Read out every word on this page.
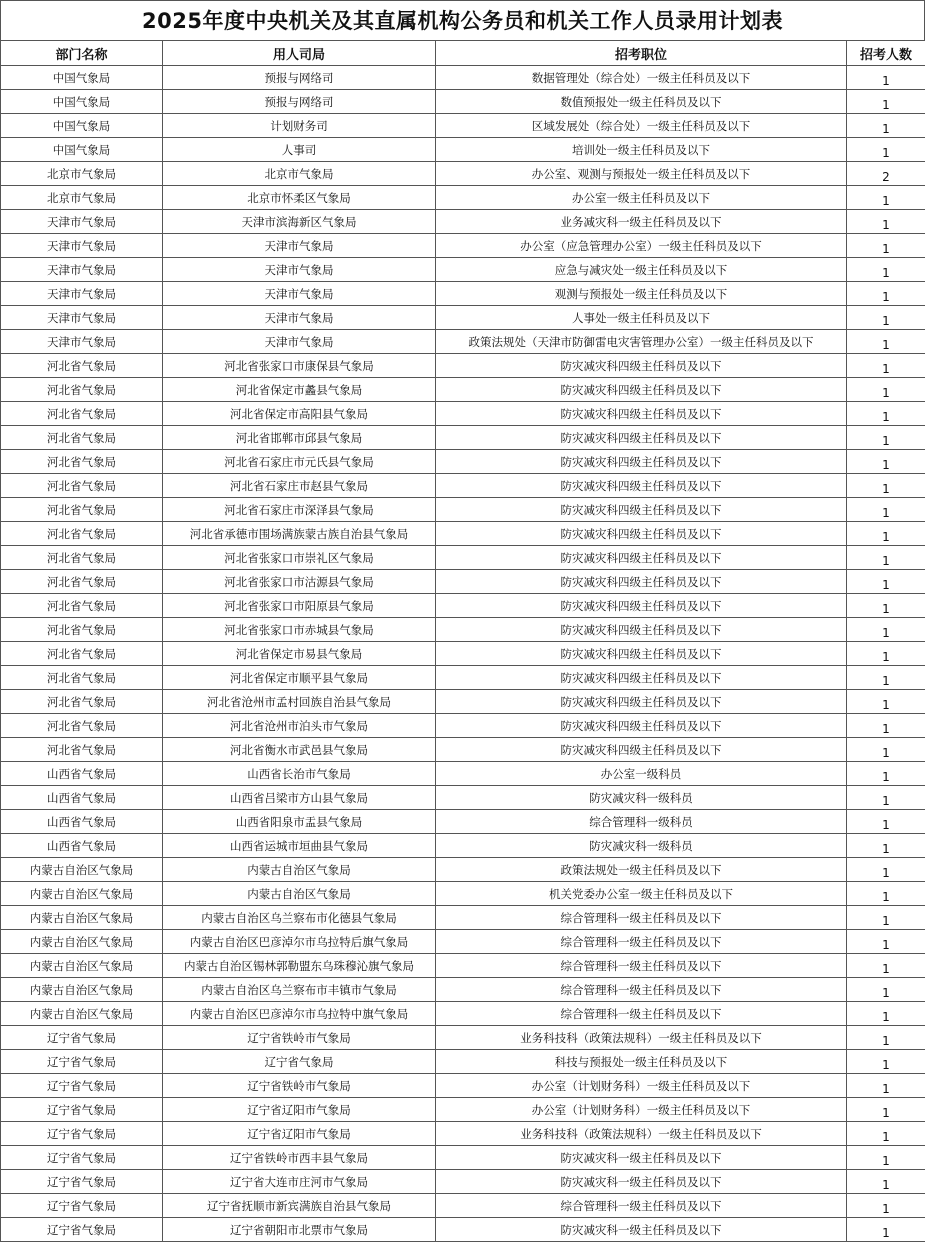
2025年度中央机关及其直属机构公务员和机关工作人员录用计划表
部门名称	用人司局	招考职位	招考人数
中国气象局	预报与网络司	数据管理处（综合处）一级主任科员及以下	1
中国气象局	预报与网络司	数值预报处一级主任科员及以下	1
中国气象局	计划财务司	区域发展处（综合处）一级主任科员及以下	1
中国气象局	人事司	培训处一级主任科员及以下	1
北京市气象局	北京市气象局	办公室、观测与预报处一级主任科员及以下	2
北京市气象局	北京市怀柔区气象局	办公室一级主任科员及以下	1
天津市气象局	天津市滨海新区气象局	业务减灾科一级主任科员及以下	1
天津市气象局	天津市气象局	办公室（应急管理办公室）一级主任科员及以下	1
天津市气象局	天津市气象局	应急与减灾处一级主任科员及以下	1
天津市气象局	天津市气象局	观测与预报处一级主任科员及以下	1
天津市气象局	天津市气象局	人事处一级主任科员及以下	1
天津市气象局	天津市气象局	政策法规处（天津市防御雷电灾害管理办公室）一级主任科员及以下	1
河北省气象局	河北省张家口市康保县气象局	防灾减灾科四级主任科员及以下	1
河北省气象局	河北省保定市蠡县气象局	防灾减灾科四级主任科员及以下	1
河北省气象局	河北省保定市高阳县气象局	防灾减灾科四级主任科员及以下	1
河北省气象局	河北省邯郸市邱县气象局	防灾减灾科四级主任科员及以下	1
河北省气象局	河北省石家庄市元氏县气象局	防灾减灾科四级主任科员及以下	1
河北省气象局	河北省石家庄市赵县气象局	防灾减灾科四级主任科员及以下	1
河北省气象局	河北省石家庄市深泽县气象局	防灾减灾科四级主任科员及以下	1
河北省气象局	河北省承德市围场满族蒙古族自治县气象局	防灾减灾科四级主任科员及以下	1
河北省气象局	河北省张家口市崇礼区气象局	防灾减灾科四级主任科员及以下	1
河北省气象局	河北省张家口市沽源县气象局	防灾减灾科四级主任科员及以下	1
河北省气象局	河北省张家口市阳原县气象局	防灾减灾科四级主任科员及以下	1
河北省气象局	河北省张家口市赤城县气象局	防灾减灾科四级主任科员及以下	1
河北省气象局	河北省保定市易县气象局	防灾减灾科四级主任科员及以下	1
河北省气象局	河北省保定市顺平县气象局	防灾减灾科四级主任科员及以下	1
河北省气象局	河北省沧州市孟村回族自治县气象局	防灾减灾科四级主任科员及以下	1
河北省气象局	河北省沧州市泊头市气象局	防灾减灾科四级主任科员及以下	1
河北省气象局	河北省衡水市武邑县气象局	防灾减灾科四级主任科员及以下	1
山西省气象局	山西省长治市气象局	办公室一级科员	1
山西省气象局	山西省吕梁市方山县气象局	防灾减灾科一级科员	1
山西省气象局	山西省阳泉市盂县气象局	综合管理科一级科员	1
山西省气象局	山西省运城市垣曲县气象局	防灾减灾科一级科员	1
内蒙古自治区气象局	内蒙古自治区气象局	政策法规处一级主任科员及以下	1
内蒙古自治区气象局	内蒙古自治区气象局	机关党委办公室一级主任科员及以下	1
内蒙古自治区气象局	内蒙古自治区乌兰察布市化德县气象局	综合管理科一级主任科员及以下	1
内蒙古自治区气象局	内蒙古自治区巴彦淖尔市乌拉特后旗气象局	综合管理科一级主任科员及以下	1
内蒙古自治区气象局	内蒙古自治区锡林郭勒盟东乌珠穆沁旗气象局	综合管理科一级主任科员及以下	1
内蒙古自治区气象局	内蒙古自治区乌兰察布市丰镇市气象局	综合管理科一级主任科员及以下	1
内蒙古自治区气象局	内蒙古自治区巴彦淖尔市乌拉特中旗气象局	综合管理科一级主任科员及以下	1
辽宁省气象局	辽宁省铁岭市气象局	业务科技科（政策法规科）一级主任科员及以下	1
辽宁省气象局	辽宁省气象局	科技与预报处一级主任科员及以下	1
辽宁省气象局	辽宁省铁岭市气象局	办公室（计划财务科）一级主任科员及以下	1
辽宁省气象局	辽宁省辽阳市气象局	办公室（计划财务科）一级主任科员及以下	1
辽宁省气象局	辽宁省辽阳市气象局	业务科技科（政策法规科）一级主任科员及以下	1
辽宁省气象局	辽宁省铁岭市西丰县气象局	防灾减灾科一级主任科员及以下	1
辽宁省气象局	辽宁省大连市庄河市气象局	防灾减灾科一级主任科员及以下	1
辽宁省气象局	辽宁省抚顺市新宾满族自治县气象局	综合管理科一级主任科员及以下	1
辽宁省气象局	辽宁省朝阳市北票市气象局	防灾减灾科一级主任科员及以下	1
